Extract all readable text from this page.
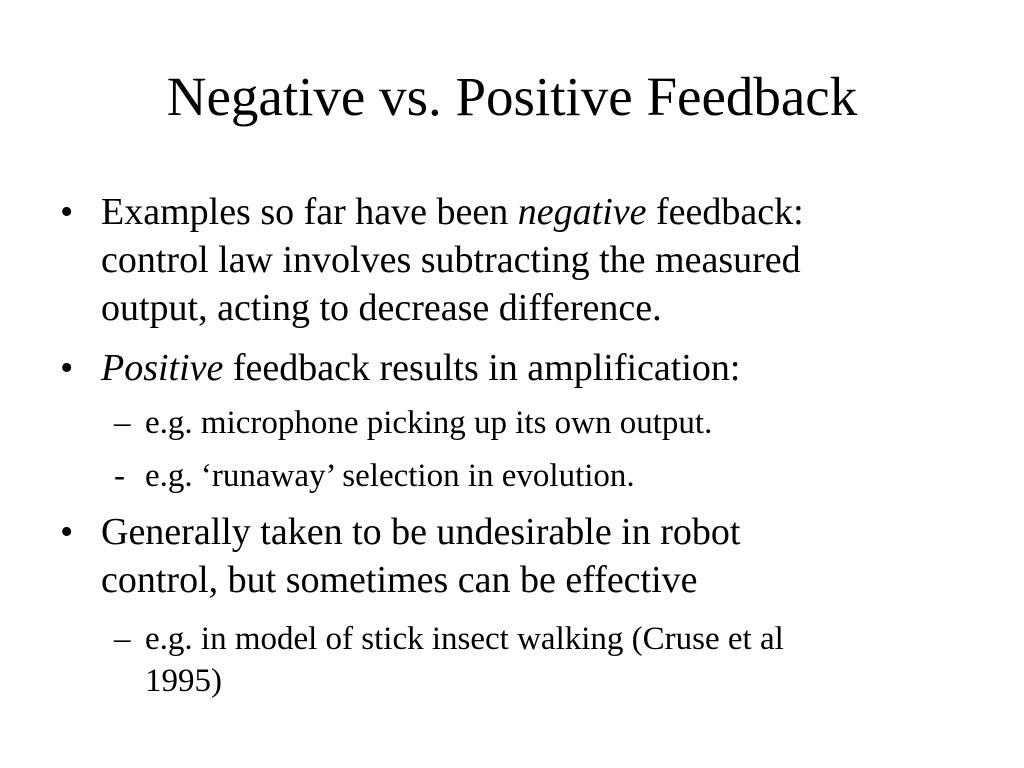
Negative vs. Positive Feedback
• Examples so far have been negative feedback:
control law involves subtracting the measured
output, acting to decrease difference.
• Positive feedback results in amplification:
– e.g. microphone picking up its own output.
- e.g. ‘runaway’ selection in evolution.
• Generally taken to be undesirable in robot
control, but sometimes can be effective
– e.g. in model of stick insect walking (Cruse et al
1995)
